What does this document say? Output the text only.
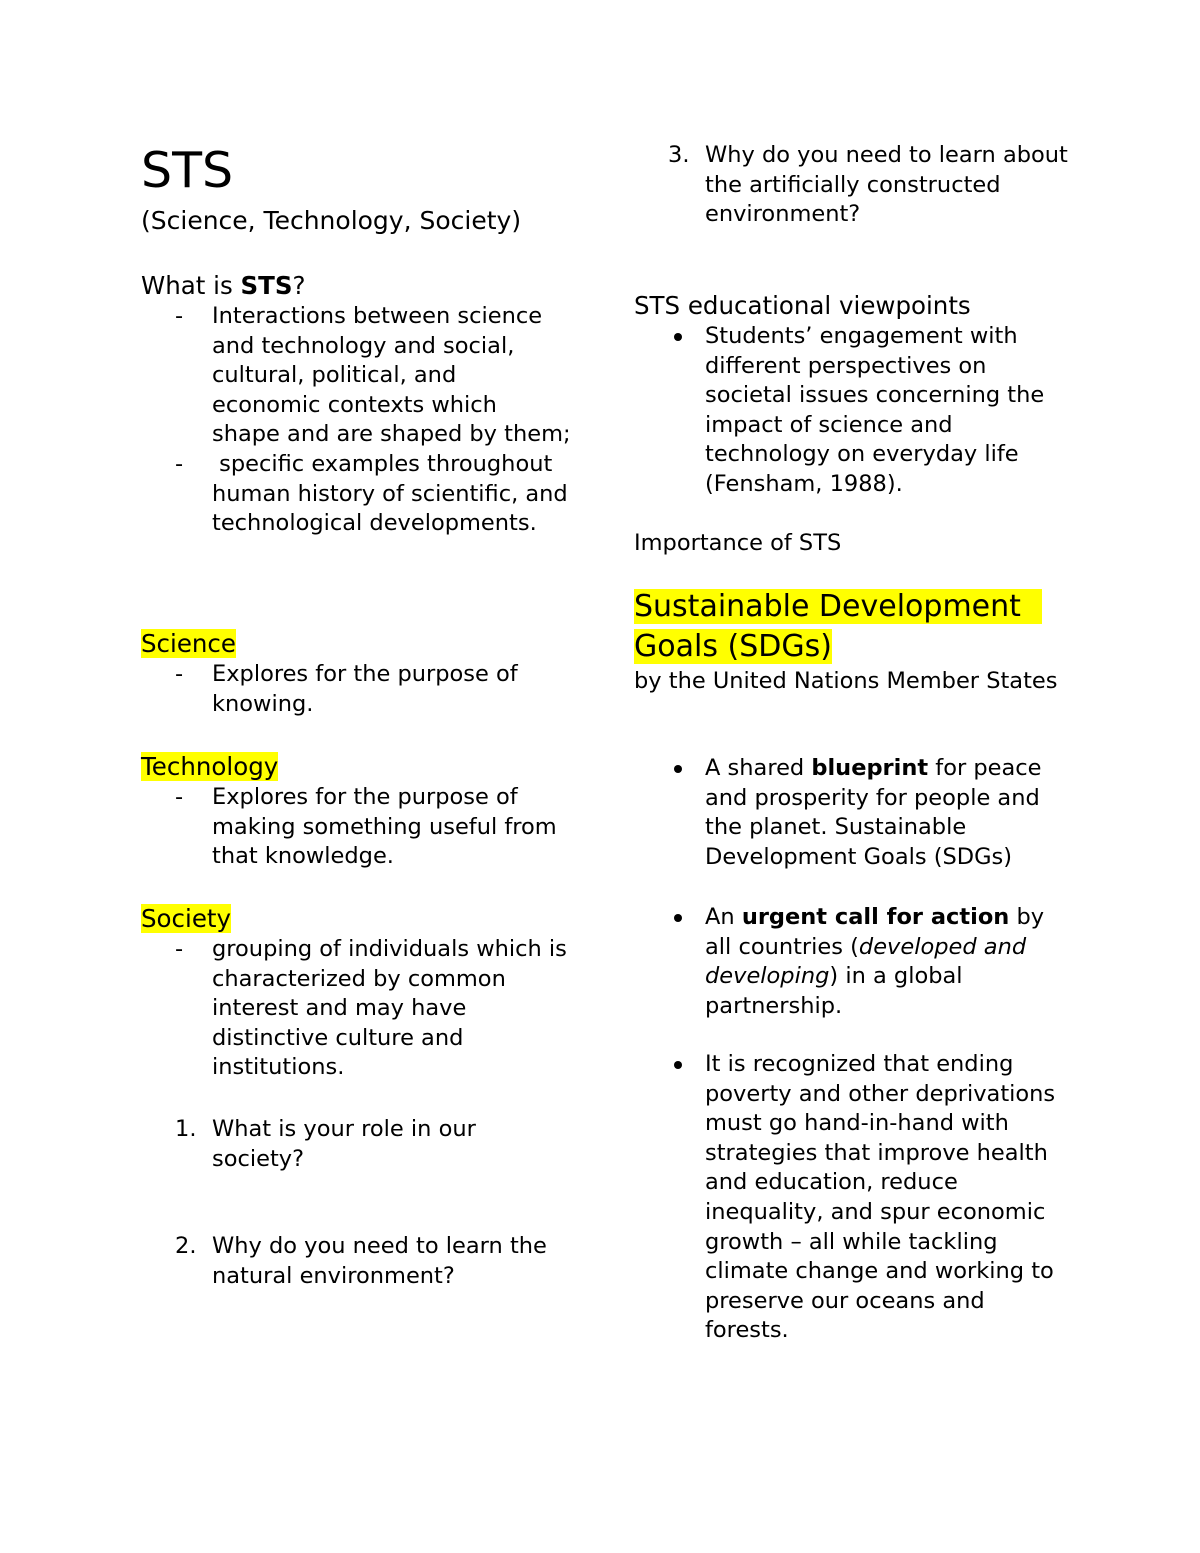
STS
(Science, Technology, Society)
What is STS?
- Interactions between science and technology and social, cultural, political, and economic contexts which shape and are shaped by them;
- specific examples throughout human history of scientific, and technological developments.
Science
- Explores for the purpose of knowing.
Technology
- Explores for the purpose of making something useful from that knowledge.
Society
- grouping of individuals which is characterized by common interest and may have distinctive culture and institutions.
1. What is your role in our society?
2. Why do you need to learn the natural environment?
3. Why do you need to learn about the artificially constructed environment?
STS educational viewpoints
Students’ engagement with different perspectives on societal issues concerning the impact of science and technology on everyday life (Fensham, 1988).
Importance of STS
Sustainable Development
Goals (SDGs)
by the United Nations Member States
A shared blueprint for peace and prosperity for people and the planet. Sustainable Development Goals (SDGs)
An urgent call for action by all countries (developed and developing) in a global partnership.
It is recognized that ending poverty and other deprivations must go hand-in-hand with strategies that improve health and education, reduce inequality, and spur economic growth – all while tackling climate change and working to preserve our oceans and forests.
